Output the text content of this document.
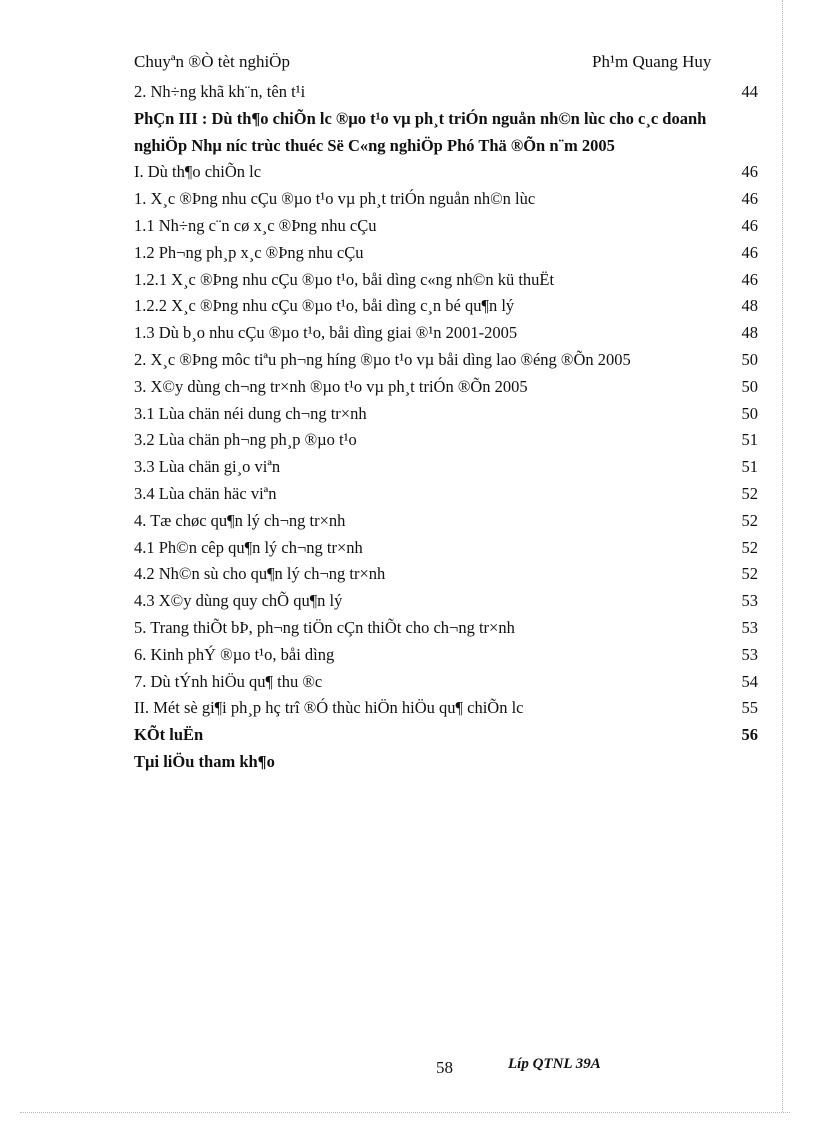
Chuyªn ®Ò tèt nghiÖp	Ph¹m Quang Huy
2. Nh÷ng khã kh¨n, tên t¹i	44
PhÇn III : Dù th¶o chiÕn lc ®µo t¹o vµ ph¸t triÓn nguån nh©n lùc cho c¸c doanh nghiÖp Nhµ níc trùc thuéc Së C«ng nghiÖp Phó Thä ®Õn n¨m 2005
I. Dù th¶o chiÕn lc	46
1. X¸c ®Þng nhu cÇu ®µo t¹o vµ ph¸t triÓn nguån nh©n lùc	46
1.1 Nh÷ng c¨n cø x¸c ®Þng nhu cÇu	46
1.2 Ph¬ng ph¸p x¸c ®Þng nhu cÇu	46
1.2.1 X¸c ®Þng nhu cÇu ®µo t¹o, båi dìng c«ng nh©n kü thuËt	46
1.2.2 X¸c ®Þng nhu cÇu ®µo t¹o, båi dìng c¸n bé qu¶n lý	48
1.3 Dù b¸o nhu cÇu ®µo t¹o, båi dìng giai ®¹n 2001-2005	48
2. X¸c ®Þng môc tiªu ph¬ng híng ®µo t¹o vµ båi dìng lao ®éng ®Õn 2005	50
3. X©y dùng ch¬ng tr×nh ®µo t¹o vµ ph¸t triÓn ®Õn 2005	50
3.1 Lùa chän néi dung ch¬ng tr×nh	50
3.2 Lùa chän ph¬ng ph¸p ®µo t¹o	51
3.3 Lùa chän gi¸o viªn	51
3.4 Lùa chän häc viªn	52
4. Tæ chøc qu¶n lý ch¬ng tr×nh	52
4.1 Ph©n cêp qu¶n lý ch¬ng tr×nh	52
4.2 Nh©n sù cho qu¶n lý ch¬ng tr×nh	52
4.3 X©y dùng quy chÕ qu¶n lý	53
5. Trang thiÕt bÞ, ph¬ng tiÖn cÇn thiÕt cho ch¬ng tr×nh	53
6. Kinh phÝ ®µo t¹o, båi dìng	53
7. Dù tÝnh hiÖu qu¶ thu ®c	54
II. Mét sè gi¶i ph¸p hç trî ®Ó thùc hiÖn hiÖu qu¶ chiÕn lc	55
KÕt luËn	56
Tµi liÖu tham kh¶o
58	Líp QTNL 39A
